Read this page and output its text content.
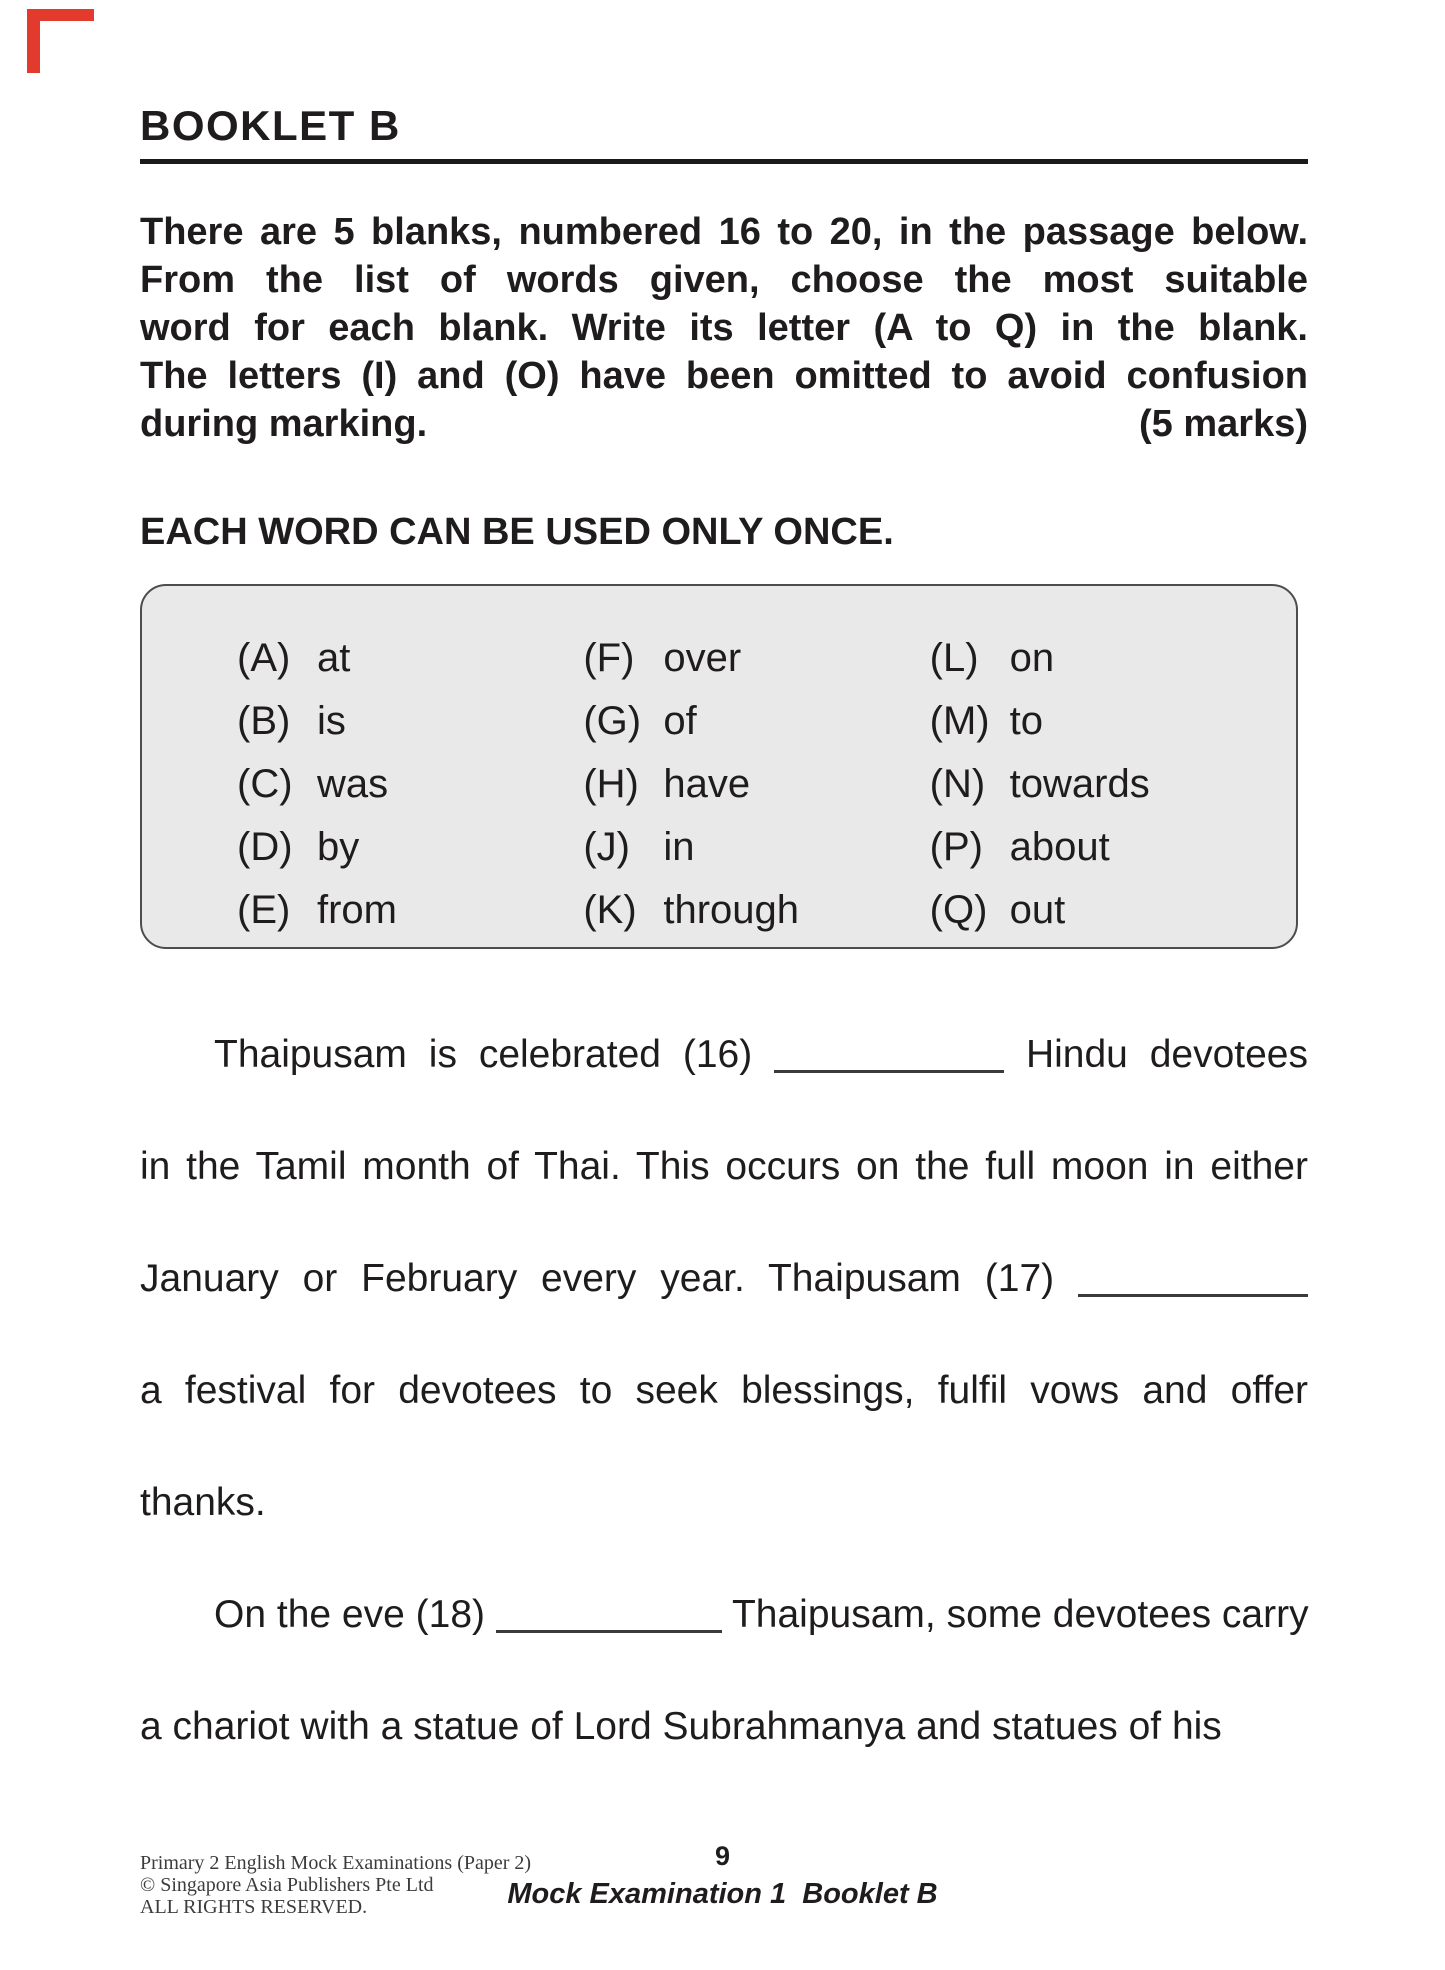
BOOKLET B
There are 5 blanks, numbered 16 to 20, in the passage below.
From the list of words given, choose the most suitable
word for each blank. Write its letter (A to Q) in the blank.
The letters (I) and (O) have been omitted to avoid confusion
during marking.	(5 marks)
EACH WORD CAN BE USED ONLY ONCE.
(A) at	(F) over	(L) on
(B) is	(G) of	(M) to
(C) was	(H) have	(N) towards
(D) by	(J) in	(P) about
(E) from	(K) through	(Q) out
Thaipusam is celebrated (16)	Hindu devotees
in the Tamil month of Thai. This occurs on the full moon in either
January or February every year. Thaipusam (17)
a festival for devotees to seek blessings, fulfil vows and offer
thanks.
On the eve (18)	Thaipusam, some devotees carry
a chariot with a statue of Lord Subrahmanya and statues of his
Primary 2 English Mock Examinations (Paper 2)
© Singapore Asia Publishers Pte Ltd
ALL RIGHTS RESERVED.
9
Mock Examination 1  Booklet B
